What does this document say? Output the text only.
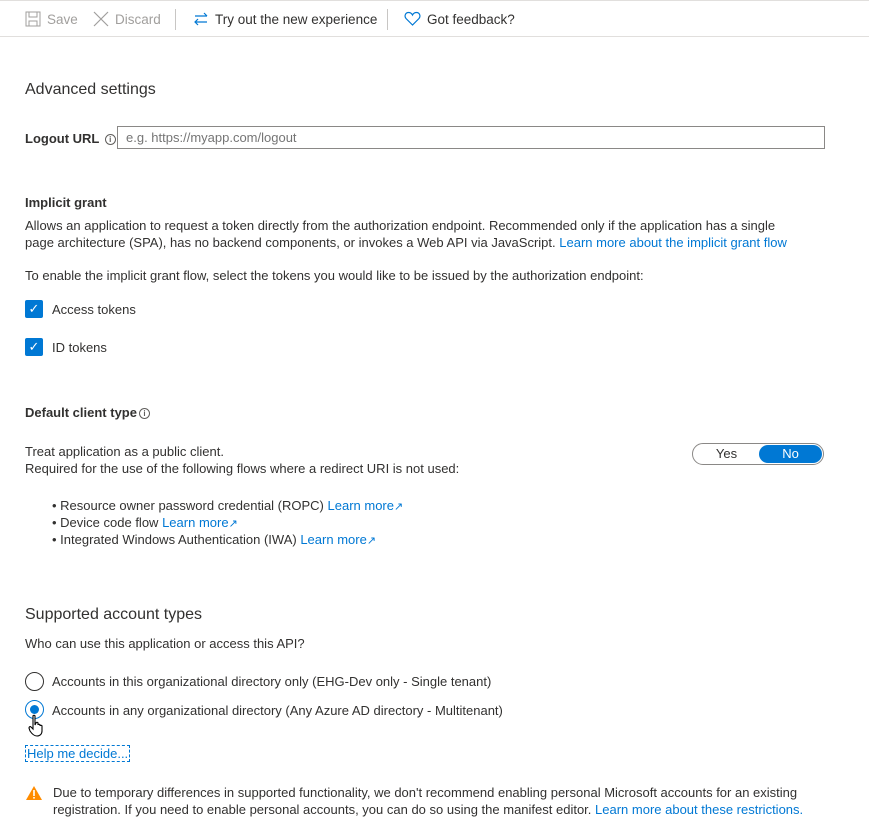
Save	Discard	Try out the new experience	Got feedback?
Advanced settings
Logout URL i
e.g. https://myapp.com/logout
Implicit grant
Allows an application to request a token directly from the authorization endpoint. Recommended only if the application has a single
page architecture (SPA), has no backend components, or invokes a Web API via JavaScript. Learn more about the implicit grant flow
To enable the implicit grant flow, select the tokens you would like to be issued by the authorization endpoint:
✓ Access tokens
✓ ID tokens
Default client type i
Treat application as a public client.
Required for the use of the following flows where a redirect URI is not used:
Yes	No
• Resource owner password credential (ROPC) Learn more↗
• Device code flow Learn more↗
• Integrated Windows Authentication (IWA) Learn more↗
Supported account types
Who can use this application or access this API?
Accounts in this organizational directory only (EHG-Dev only - Single tenant)
Accounts in any organizational directory (Any Azure AD directory - Multitenant)
Help me decide...
Due to temporary differences in supported functionality, we don't recommend enabling personal Microsoft accounts for an existing
registration. If you need to enable personal accounts, you can do so using the manifest editor. Learn more about these restrictions.
